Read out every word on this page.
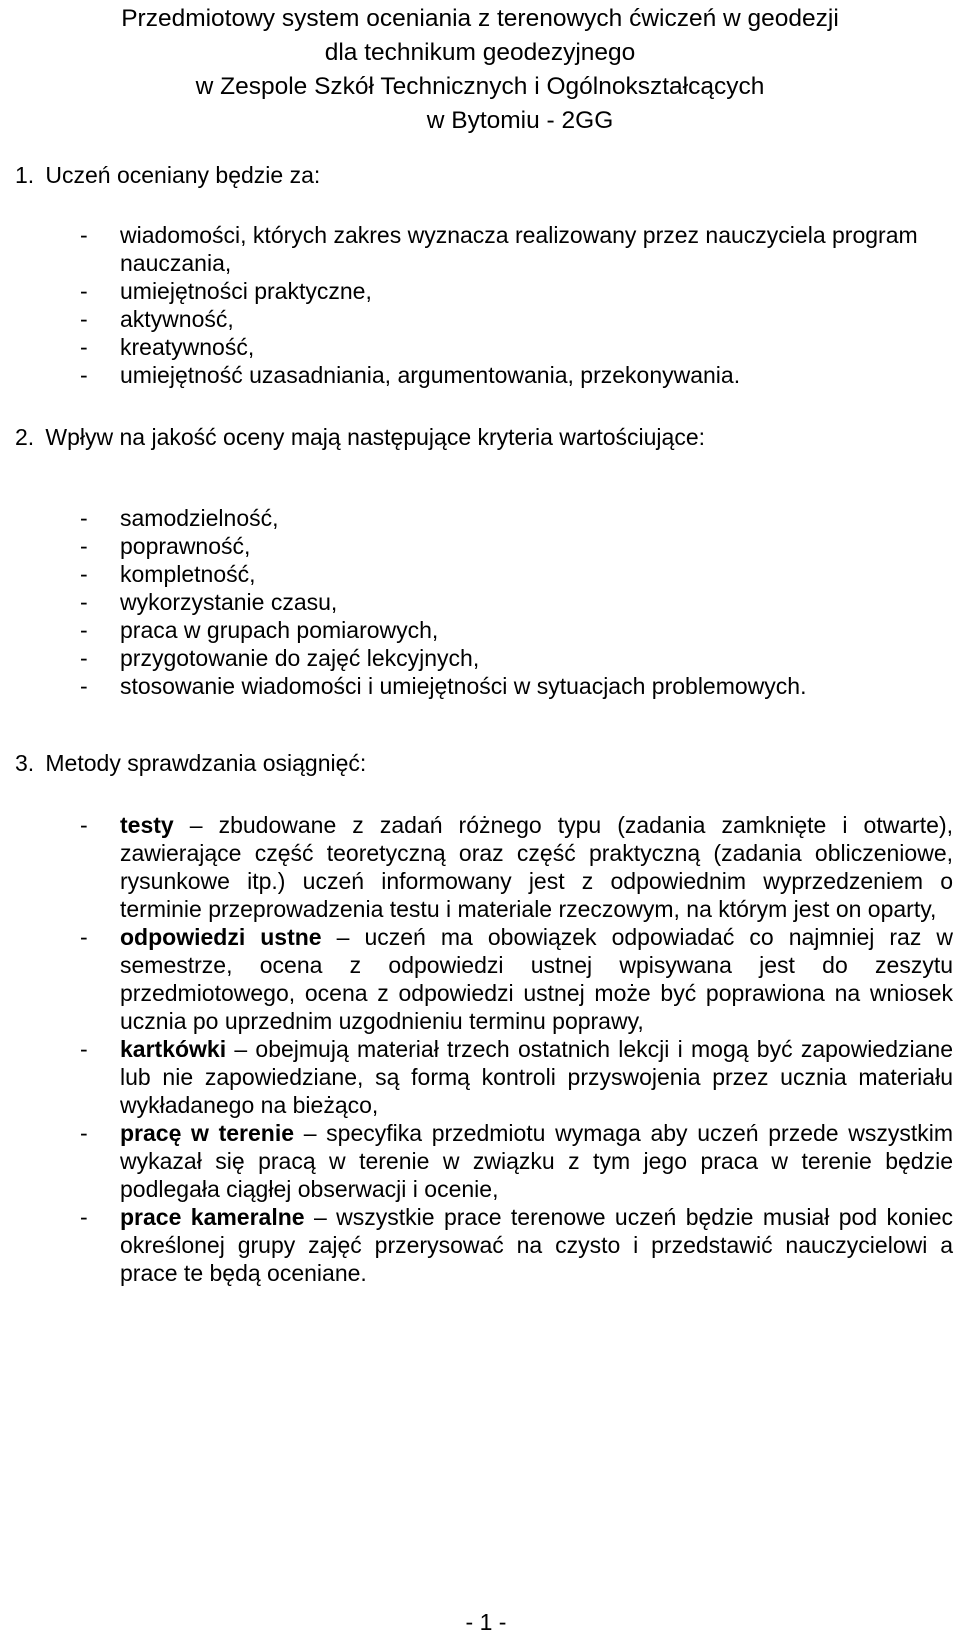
Przedmiotowy system oceniania z terenowych ćwiczeń w geodezji
dla technikum geodezyjnego
w Zespole Szkół Technicznych i Ogólnokształcących
w Bytomiu - 2GG
1. Uczeń oceniany będzie za:
- wiadomości, których zakres wyznacza realizowany przez nauczyciela program nauczania,
- umiejętności praktyczne,
- aktywność,
- kreatywność,
- umiejętność uzasadniania, argumentowania, przekonywania.
2. Wpływ na jakość oceny mają następujące kryteria wartościujące:
- samodzielność,
- poprawność,
- kompletność,
- wykorzystanie czasu,
- praca w grupach pomiarowych,
- przygotowanie do zajęć lekcyjnych,
- stosowanie wiadomości i umiejętności w sytuacjach problemowych.
3. Metody sprawdzania osiągnięć:
- testy – zbudowane z zadań różnego typu (zadania zamknięte i otwarte), zawierające część teoretyczną oraz część praktyczną (zadania obliczeniowe, rysunkowe itp.) uczeń informowany jest z odpowiednim wyprzedzeniem o terminie przeprowadzenia testu i materiale rzeczowym, na którym jest on oparty,
- odpowiedzi ustne – uczeń ma obowiązek odpowiadać co najmniej raz w semestrze, ocena z odpowiedzi ustnej wpisywana jest do zeszytu przedmiotowego, ocena z odpowiedzi ustnej może być poprawiona na wniosek ucznia po uprzednim uzgodnieniu terminu poprawy,
- kartkówki – obejmują materiał trzech ostatnich lekcji i mogą być zapowiedziane lub nie zapowiedziane, są formą kontroli przyswojenia przez ucznia materiału wykładanego na bieżąco,
- pracę w terenie – specyfika przedmiotu wymaga aby uczeń przede wszystkim wykazał się pracą w terenie w związku z tym jego praca w terenie będzie podlegała ciągłej obserwacji i ocenie,
- prace kameralne – wszystkie prace terenowe uczeń będzie musiał pod koniec określonej grupy zajęć przerysować na czysto i przedstawić nauczycielowi a prace te będą oceniane.
- 1 -
